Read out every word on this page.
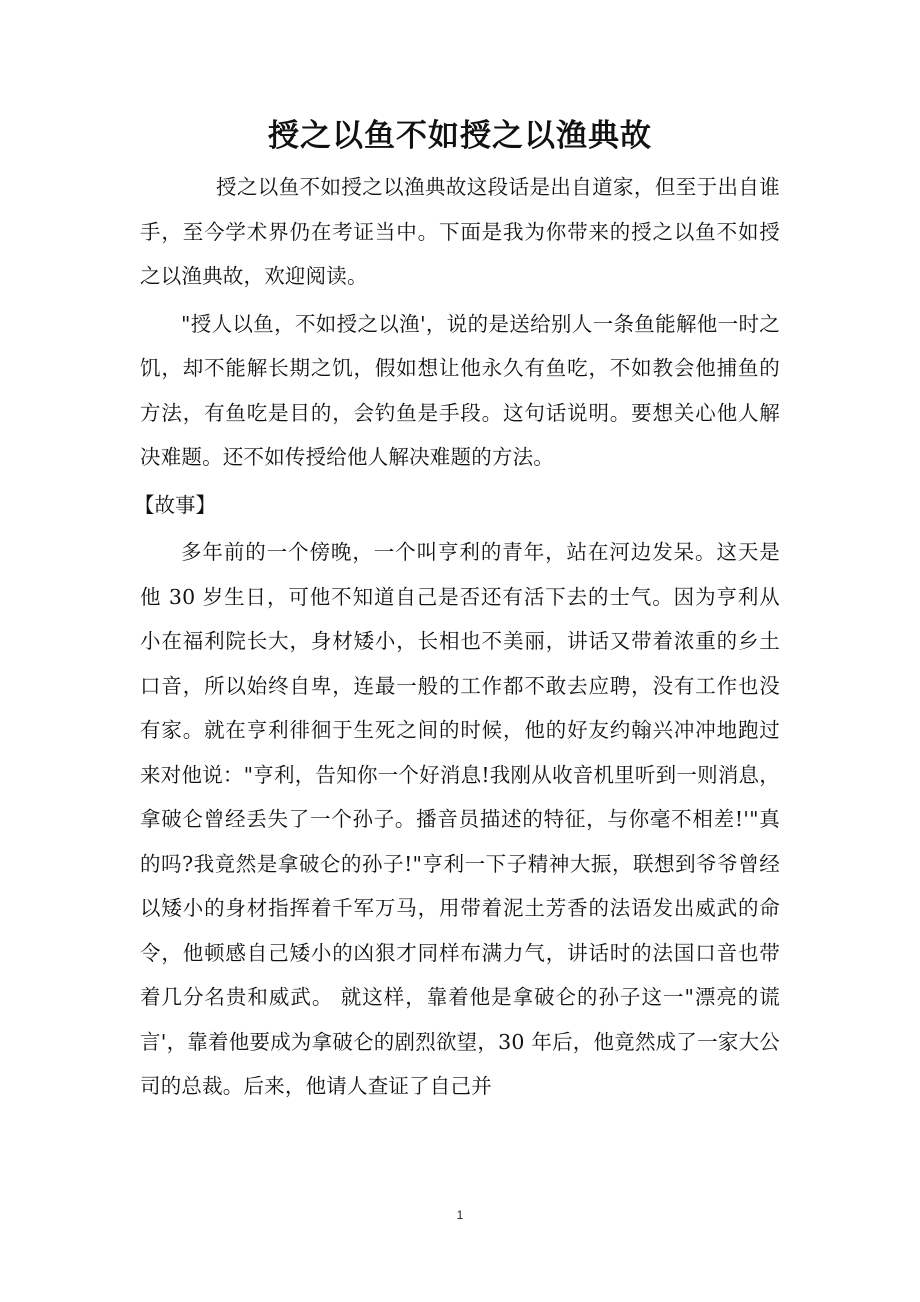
授之以鱼不如授之以渔典故

授之以鱼不如授之以渔典故这段话是出自道家，但至于出自谁手，至今学术界仍在考证当中。下面是我为你带来的授之以鱼不如授之以渔典故，欢迎阅读。

"授人以鱼，不如授之以渔'，说的是送给别人一条鱼能解他一时之饥，却不能解长期之饥，假如想让他永久有鱼吃，不如教会他捕鱼的方法，有鱼吃是目的，会钓鱼是手段。这句话说明。要想关心他人解决难题。还不如传授给他人解决难题的方法。

【故事】

多年前的一个傍晚，一个叫亨利的青年，站在河边发呆。这天是他 30 岁生日，可他不知道自己是否还有活下去的士气。因为亨利从小在福利院长大，身材矮小，长相也不美丽，讲话又带着浓重的乡土口音，所以始终自卑，连最一般的工作都不敢去应聘，没有工作也没有家。就在亨利徘徊于生死之间的时候，他的好友约翰兴冲冲地跑过来对他说："亨利，告知你一个好消息!我刚从收音机里听到一则消息，拿破仑曾经丢失了一个孙子。播音员描述的特征，与你毫不相差!'"真的吗?我竟然是拿破仑的孙子!"亨利一下子精神大振，联想到爷爷曾经以矮小的身材指挥着千军万马，用带着泥土芳香的法语发出威武的命令，他顿感自己矮小的凶狠才同样布满力气，讲话时的法国口音也带着几分名贵和威武。 就这样，靠着他是拿破仑的孙子这一"漂亮的谎言'，靠着他要成为拿破仑的剧烈欲望，30 年后，他竟然成了一家大公司的总裁。后来，他请人查证了自己并

1
